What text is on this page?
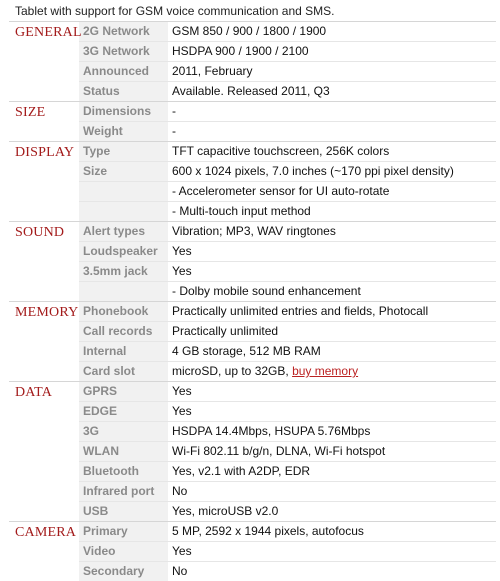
Tablet with support for GSM voice communication and SMS.
GENERAL 2G Network	GSM 850 / 900 / 1800 / 1900
3G Network	HSDPA 900 / 1900 / 2100
Announced	2011, February
Status	Available. Released 2011, Q3
SIZE	Dimensions	-
Weight	-
DISPLAY Type	TFT capacitive touchscreen, 256K colors
Size	600 x 1024 pixels, 7.0 inches (~170 ppi pixel density)
- Accelerometer sensor for UI auto-rotate
- Multi-touch input method
SOUND	Alert types	Vibration; MP3, WAV ringtones
Loudspeaker	Yes
3.5mm jack	Yes
- Dolby mobile sound enhancement
MEMORY Phonebook	Practically unlimited entries and fields, Photocall
Call records	Practically unlimited
Internal	4 GB storage, 512 MB RAM
Card slot	microSD, up to 32GB, buy memory
DATA	GPRS	Yes
EDGE	Yes
3G	HSDPA 14.4Mbps, HSUPA 5.76Mbps
WLAN	Wi-Fi 802.11 b/g/n, DLNA, Wi-Fi hotspot
Bluetooth	Yes, v2.1 with A2DP, EDR
Infrared port	No
USB	Yes, microUSB v2.0
CAMERA Primary	5 MP, 2592 x 1944 pixels, autofocus
Video	Yes
Secondary	No
